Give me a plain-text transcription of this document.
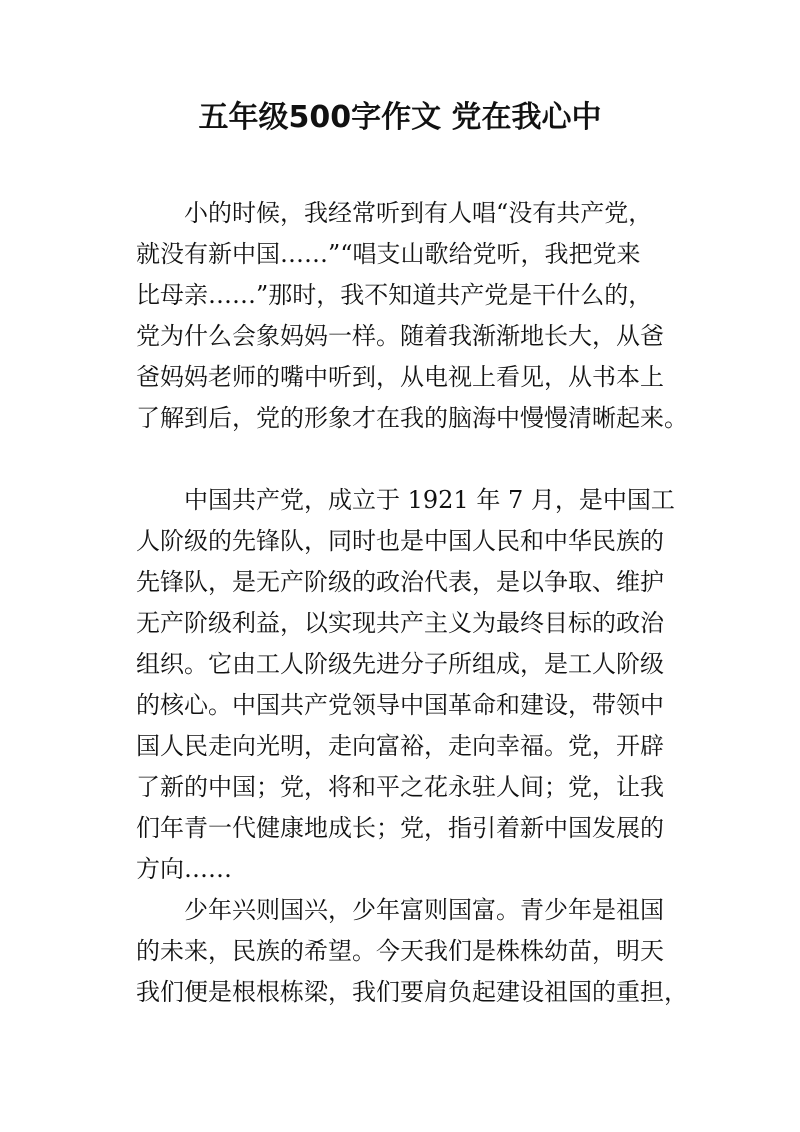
五年级500字作文 党在我心中
小的时候，我经常听到有人唱“没有共产党，
就没有新中国……”“唱支山歌给党听，我把党来
比母亲……”那时，我不知道共产党是干什么的，
党为什么会象妈妈一样。随着我渐渐地长大，从爸
爸妈妈老师的嘴中听到，从电视上看见，从书本上
了解到后，党的形象才在我的脑海中慢慢清晰起来。
中国共产党，成立于 1921 年 7 月，是中国工
人阶级的先锋队，同时也是中国人民和中华民族的
先锋队，是无产阶级的政治代表，是以争取、维护
无产阶级利益，以实现共产主义为最终目标的政治
组织。它由工人阶级先进分子所组成，是工人阶级
的核心。中国共产党领导中国革命和建设，带领中
国人民走向光明，走向富裕，走向幸福。党，开辟
了新的中国；党，将和平之花永驻人间；党，让我
们年青一代健康地成长；党，指引着新中国发展的
方向……
少年兴则国兴，少年富则国富。青少年是祖国
的未来，民族的希望。今天我们是株株幼苗，明天
我们便是根根栋梁，我们要肩负起建设祖国的重担，
